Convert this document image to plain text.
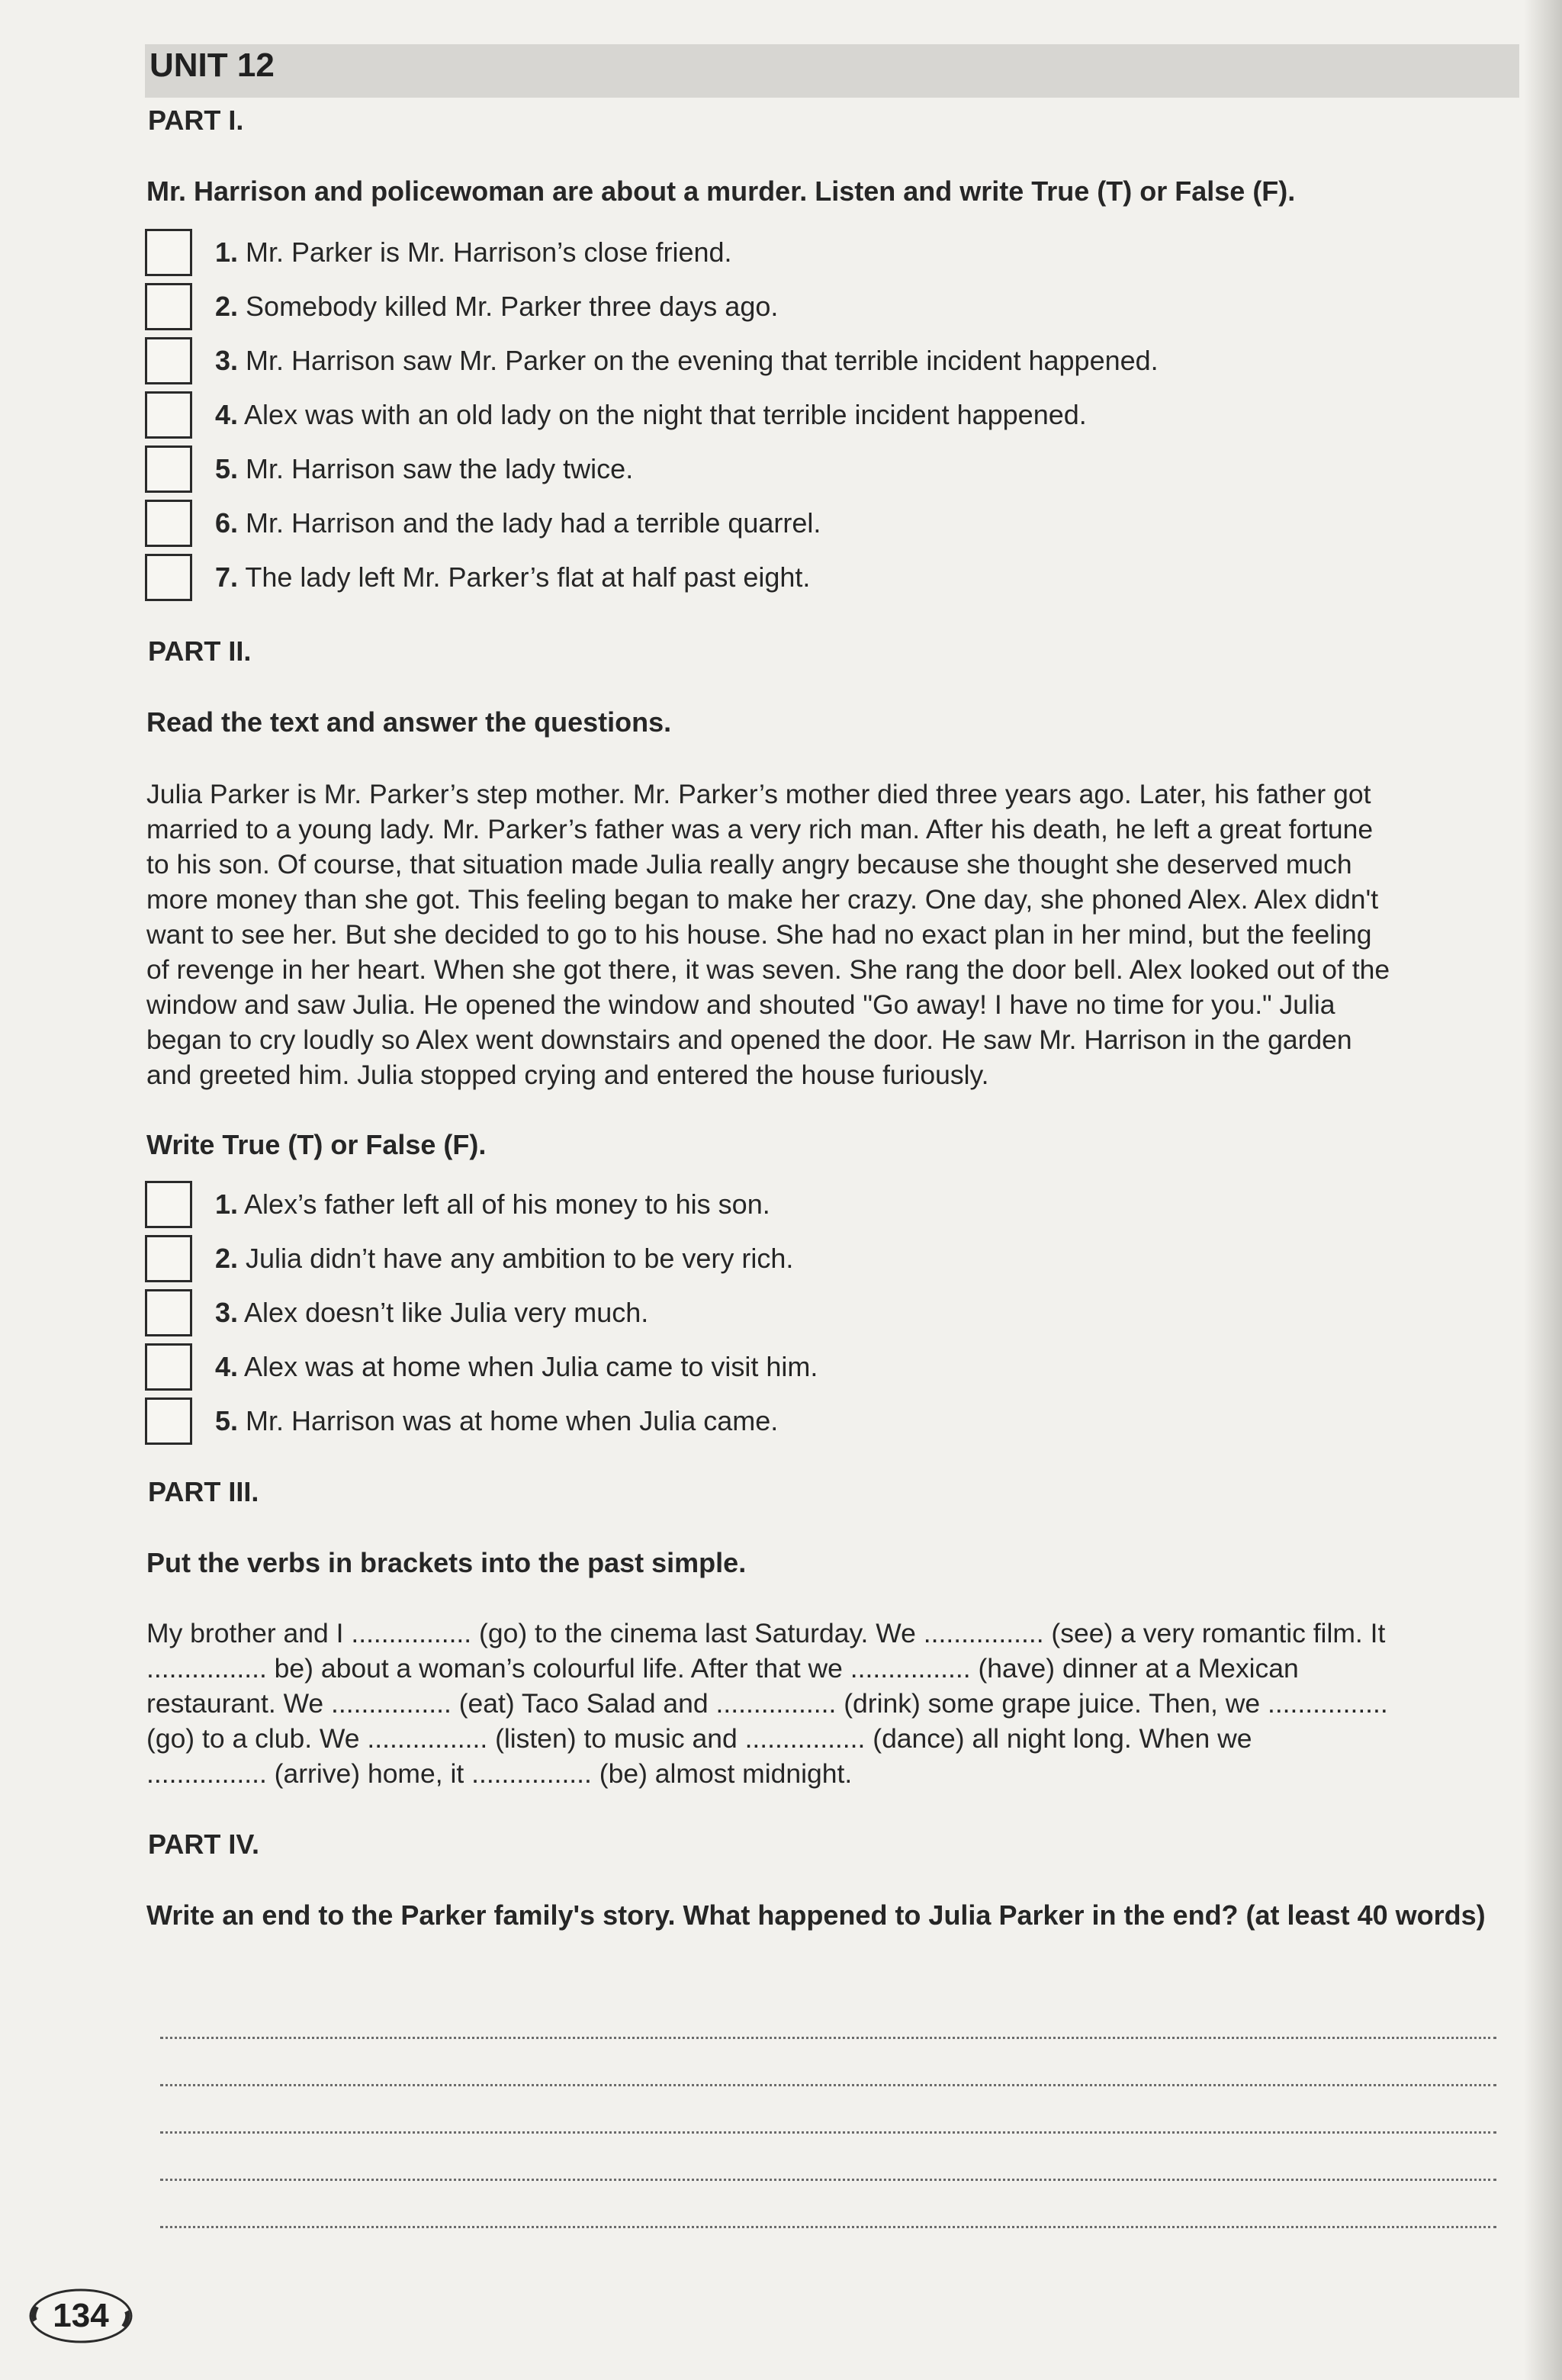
UNIT 12
PART I.
Mr. Harrison and policewoman are about a murder. Listen and write True (T) or False (F).
1. Mr. Parker is Mr. Harrison’s close friend.
2. Somebody killed Mr. Parker three days ago.
3. Mr. Harrison saw Mr. Parker on the evening that terrible incident happened.
4. Alex was with an old lady on the night that terrible incident happened.
5. Mr. Harrison saw the lady twice.
6. Mr. Harrison and the lady had a terrible quarrel.
7. The lady left Mr. Parker’s flat at half past eight.
PART II.
Read the text and answer the questions.

Julia Parker is Mr. Parker’s step mother. Mr. Parker’s mother died three years ago. Later, his father got

married to a young lady. Mr. Parker’s father was a very rich man. After his death, he left a great fortune

to his son. Of course, that situation made Julia really angry because she thought she deserved much

more money than she got. This feeling began to make her crazy. One day, she phoned Alex. Alex didn't

want to see her. But she decided to go to his house. She had no exact plan in her mind, but the feeling

of revenge in her heart. When she got there, it was seven. She rang the door bell. Alex looked out of the

window and saw Julia. He opened the window and shouted "Go away! I have no time for you." Julia

began to cry loudly so Alex went downstairs and opened the door. He saw Mr. Harrison in the garden

and greeted him. Julia stopped crying and entered the house furiously.

Write True (T) or False (F).
1. Alex’s father left all of his money to his son.
2. Julia didn’t have any ambition to be very rich.
3. Alex doesn’t like Julia very much.
4. Alex was at home when Julia came to visit him.
5. Mr. Harrison was at home when Julia came.
PART III.
Put the verbs in brackets into the past simple.

My brother and I ................ (go) to the cinema last Saturday. We ................ (see) a very romantic film. It

................ be) about a woman’s colourful life. After that we ................ (have) dinner at a Mexican

restaurant. We ................ (eat) Taco Salad and ................ (drink) some grape juice. Then, we ................

(go) to a club. We ................ (listen) to music and ................ (dance) all night long. When we

................ (arrive) home, it ................ (be) almost midnight.

PART IV.
Write an end to the Parker family's story. What happened to Julia Parker in the end? (at least 40 words)
134
